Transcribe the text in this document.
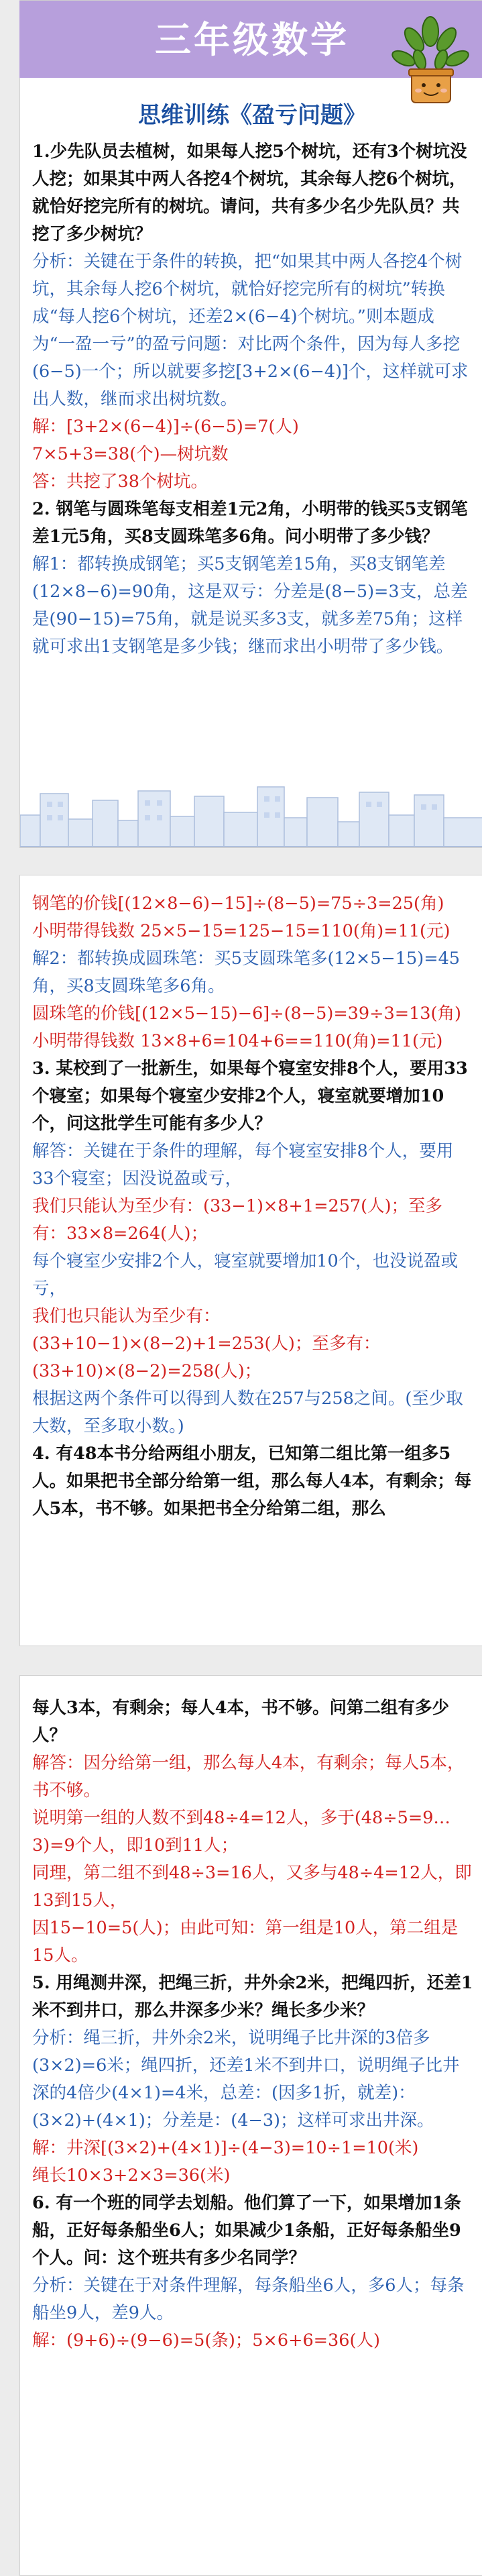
三年级数学
思维训练《盈亏问题》

1.少先队员去植树，如果每人挖5个树坑，还有3个树坑没人挖；如果其中两人各挖4个树坑，其余每人挖6个树坑，就恰好挖完所有的树坑。请问，共有多少名少先队员？共挖了多少树坑？

分析：关键在于条件的转换，把“如果其中两人各挖4个树坑，其余每人挖6个树坑，就恰好挖完所有的树坑”转换成“每人挖6个树坑，还差2×(6−4)个树坑。”则本题成为“一盈一亏”的盈亏问题：对比两个条件，因为每人多挖(6−5)一个；所以就要多挖[3+2×(6−4)]个，这样就可求出人数，继而求出树坑数。

解：[3+2×(6−4)]÷(6−5)=7(人)

7×5+3=38(个)—树坑数

答：共挖了38个树坑。

2. 钢笔与圆珠笔每支相差1元2角，小明带的钱买5支钢笔差1元5角，买8支圆珠笔多6角。问小明带了多少钱？

解1：都转换成钢笔；买5支钢笔差15角，买8支钢笔差(12×8−6)=90角，这是双亏：分差是(8−5)=3支，总差是(90−15)=75角，就是说买多3支，就多差75角；这样就可求出1支钢笔是多少钱；继而求出小明带了多少钱。

钢笔的价钱[(12×8−6)−15]÷(8−5)=75÷3=25(角)

小明带得钱数 25×5−15=125−15=110(角)=11(元)

解2：都转换成圆珠笔：买5支圆珠笔多(12×5−15)=45角，买8支圆珠笔多6角。

圆珠笔的价钱[(12×5−15)−6]÷(8−5)=39÷3=13(角)

小明带得钱数 13×8+6=104+6==110(角)=11(元)

3. 某校到了一批新生，如果每个寝室安排8个人，要用33个寝室；如果每个寝室少安排2个人，寝室就要增加10个，问这批学生可能有多少人？

解答：关键在于条件的理解，每个寝室安排8个人，要用33个寝室；因没说盈或亏，

我们只能认为至少有：(33−1)×8+1=257(人)；至多有：33×8=264(人)；

每个寝室少安排2个人，寝室就要增加10个，也没说盈或亏，

我们也只能认为至少有：(33+10−1)×(8−2)+1=253(人)；至多有：(33+10)×(8−2)=258(人)；

根据这两个条件可以得到人数在257与258之间。(至少取大数，至多取小数。)

4. 有48本书分给两组小朋友，已知第二组比第一组多5人。如果把书全部分给第一组，那么每人4本，有剩余；每人5本，书不够。如果把书全分给第二组，那么

每人3本，有剩余；每人4本，书不够。问第二组有多少人？

解答：因分给第一组，那么每人4本，有剩余；每人5本，书不够。

说明第一组的人数不到48÷4=12人，多于(48÷5=9…3)=9个人，即10到11人；

同理，第二组不到48÷3=16人，又多与48÷4=12人，即13到15人，

因15−10=5(人)；由此可知：第一组是10人，第二组是15人。

5. 用绳测井深，把绳三折，井外余2米，把绳四折，还差1米不到井口，那么井深多少米？绳长多少米？

分析：绳三折，井外余2米，说明绳子比井深的3倍多(3×2)=6米；绳四折，还差1米不到井口，说明绳子比井深的4倍少(4×1)=4米，总差：(因多1折，就差)：(3×2)+(4×1)；分差是：(4−3)；这样可求出井深。

解：井深[(3×2)+(4×1)]÷(4−3)=10÷1=10(米)

绳长10×3+2×3=36(米)

6. 有一个班的同学去划船。他们算了一下，如果增加1条船，正好每条船坐6人；如果减少1条船，正好每条船坐9个人。问：这个班共有多少名同学？

分析：关键在于对条件理解，每条船坐6人，多6人；每条船坐9人，差9人。

解：(9+6)÷(9−6)=5(条)；5×6+6=36(人)
